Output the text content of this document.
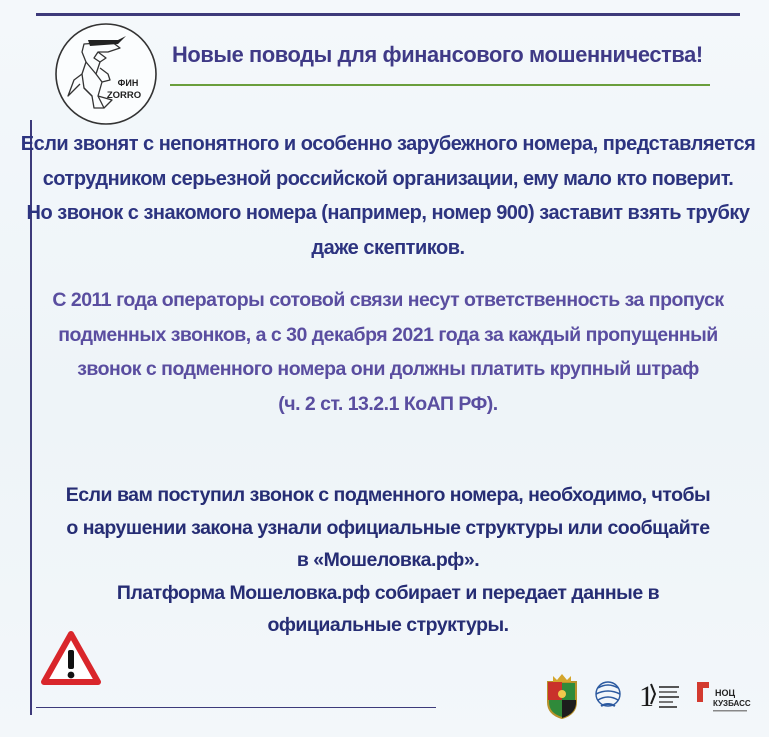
ФИН
ZORRO
Новые поводы для финансового мошенничества!
Если звонят с непонятного и особенно зарубежного номера, представляется
сотрудником серьезной российской организации, ему мало кто поверит.
Но звонок с знакомого номера (например, номер 900) заставит взять трубку
даже скептиков.
С 2011 года операторы сотовой связи несут ответственность за пропуск
подменных звонков, а с 30 декабря 2021 года за каждый пропущенный
звонок с подменного номера они должны платить крупный штраф
(ч. 2 ст. 13.2.1 КоАП РФ).
Если вам поступил звонок с подменного номера, необходимо, чтобы
о нарушении закона узнали официальные структуры или сообщайте
в «Мошеловка.рф».
Платформа Мошеловка.рф собирает и передает данные в
официальные структуры.
1	НОЦ
КУЗБАСС
